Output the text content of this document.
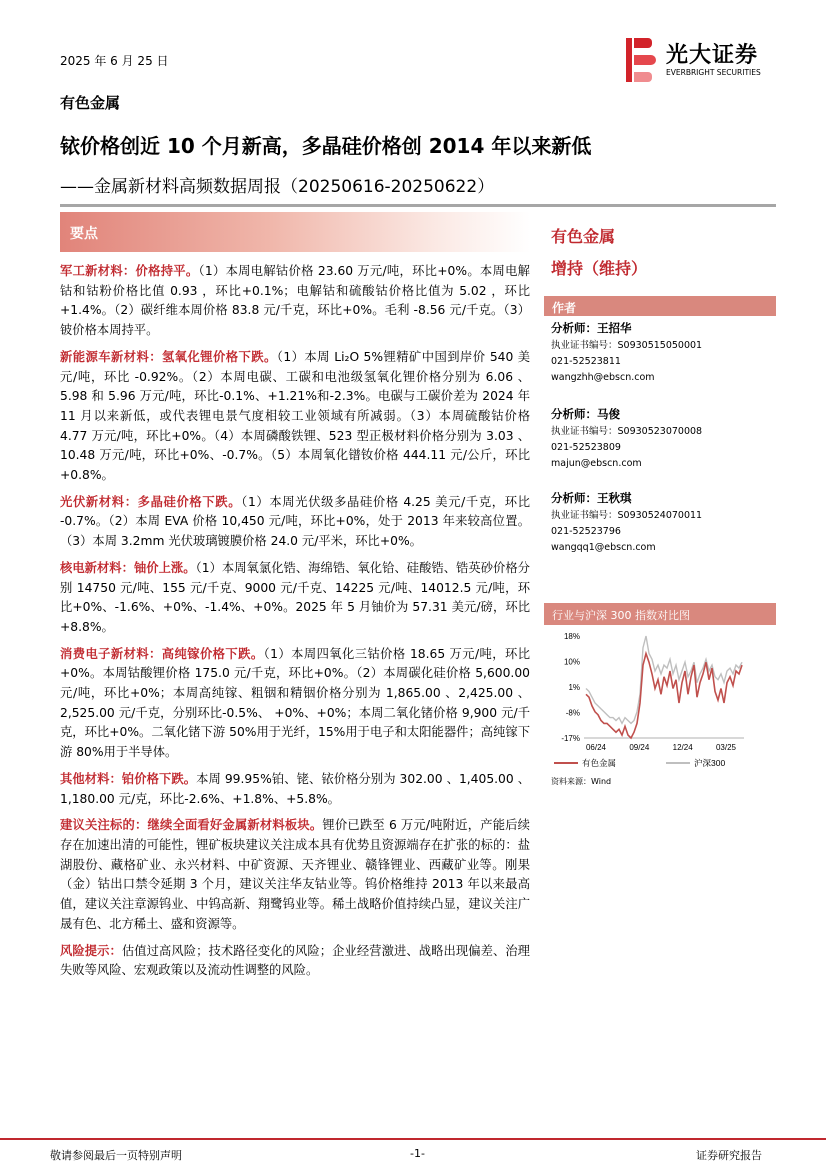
2025 年 6 月 25 日	光大证券
EVERBRIGHT SECURITIES
有色金属
铱价格创近 10 个月新高，多晶硅价格创 2014 年以来新低
——金属新材料高频数据周报（20250616-20250622）
要点

军工新材料：价格持平。（1）本周电解钴价格 23.60 万元/吨，环比+0%。本周电解钴和钴粉价格比值 0.93 ，环比+0.1%；电解钴和硫酸钴价格比值为 5.02 ，环比+1.4%。（2）碳纤维本周价格 83.8 元/千克，环比+0%。毛利 -8.56 元/千克。（3）铍价格本周持平。

新能源车新材料：氢氧化锂价格下跌。（1）本周 Li₂O 5%锂精矿中国到岸价 540 美元/吨，环比 -0.92%。（2）本周电碳、工碳和电池级氢氧化锂价格分别为 6.06 、5.98 和 5.96 万元/吨，环比-0.1%、+1.21%和-2.3%。电碳与工碳价差为 2024 年 11 月以来新低，或代表锂电景气度相较工业领域有所减弱。（3）本周硫酸钴价格 4.77 万元/吨，环比+0%。（4）本周磷酸铁锂、523 型正极材料价格分别为 3.03 、10.48 万元/吨，环比+0%、-0.7%。（5）本周氧化镨钕价格 444.11 元/公斤，环比+0.8%。

光伏新材料：多晶硅价格下跌。（1）本周光伏级多晶硅价格 4.25 美元/千克，环比 -0.7%。（2）本周 EVA 价格 10,450 元/吨，环比+0%，处于 2013 年来较高位置。（3）本周 3.2mm 光伏玻璃镀膜价格 24.0 元/平米，环比+0%。

核电新材料：铀价上涨。（1）本周氧氯化锆、海绵锆、氧化铪、硅酸锆、锆英砂价格分别 14750 元/吨、155 元/千克、9000 元/千克、14225 元/吨、14012.5 元/吨，环比+0%、-1.6%、+0%、-1.4%、+0%。2025 年 5 月铀价为 57.31 美元/磅，环比+8.8%。

消费电子新材料：高纯镓价格下跌。（1）本周四氧化三钴价格 18.65 万元/吨，环比+0%。本周钴酸锂价格 175.0 元/千克，环比+0%。（2）本周碳化硅价格 5,600.00 元/吨，环比+0%；本周高纯镓、粗铟和精铟价格分别为 1,865.00 、2,425.00 、2,525.00 元/千克，分别环比-0.5%、 +0%、+0%；本周二氧化锗价格 9,900 元/千克，环比+0%。二氧化锗下游 50%用于光纤，15%用于电子和太阳能器件；高纯镓下游 80%用于半导体。

其他材料：铂价格下跌。本周 99.95%铂、铑、铱价格分别为 302.00 、1,405.00 、1,180.00 元/克，环比-2.6%、+1.8%、+5.8%。

建议关注标的：继续全面看好金属新材料板块。锂价已跌至 6 万元/吨附近，产能后续存在加速出清的可能性，锂矿板块建议关注成本具有优势且资源端存在扩张的标的：盐湖股份、藏格矿业、永兴材料、中矿资源、天齐锂业、赣锋锂业、西藏矿业等。刚果（金）钴出口禁令延期 3 个月，建议关注华友钴业等。钨价格维持 2013 年以来最高值，建议关注章源钨业、中钨高新、翔鹭钨业等。稀土战略价值持续凸显，建议关注广晟有色、北方稀土、盛和资源等。

风险提示：估值过高风险；技术路径变化的风险；企业经营激进、战略出现偏差、治理失败等风险、宏观政策以及流动性调整的风险。

有色金属
增持（维持）
作者
分析师：王招华
执业证书编号：S0930515050001
021-52523811
wangzhh@ebscn.com
分析师：马俊
执业证书编号：S0930523070008
021-52523809
majun@ebscn.com
分析师：王秋琪
执业证书编号：S0930524070011
021-52523796
wangqq1@ebscn.com
行业与沪深 300 指数对比图
18%
10%
1%
-8%
-17%
06/24	09/24	12/24	03/25
有色金属	沪深300
资料来源：Wind
敬请参阅最后一页特别声明	-1-	证券研究报告
